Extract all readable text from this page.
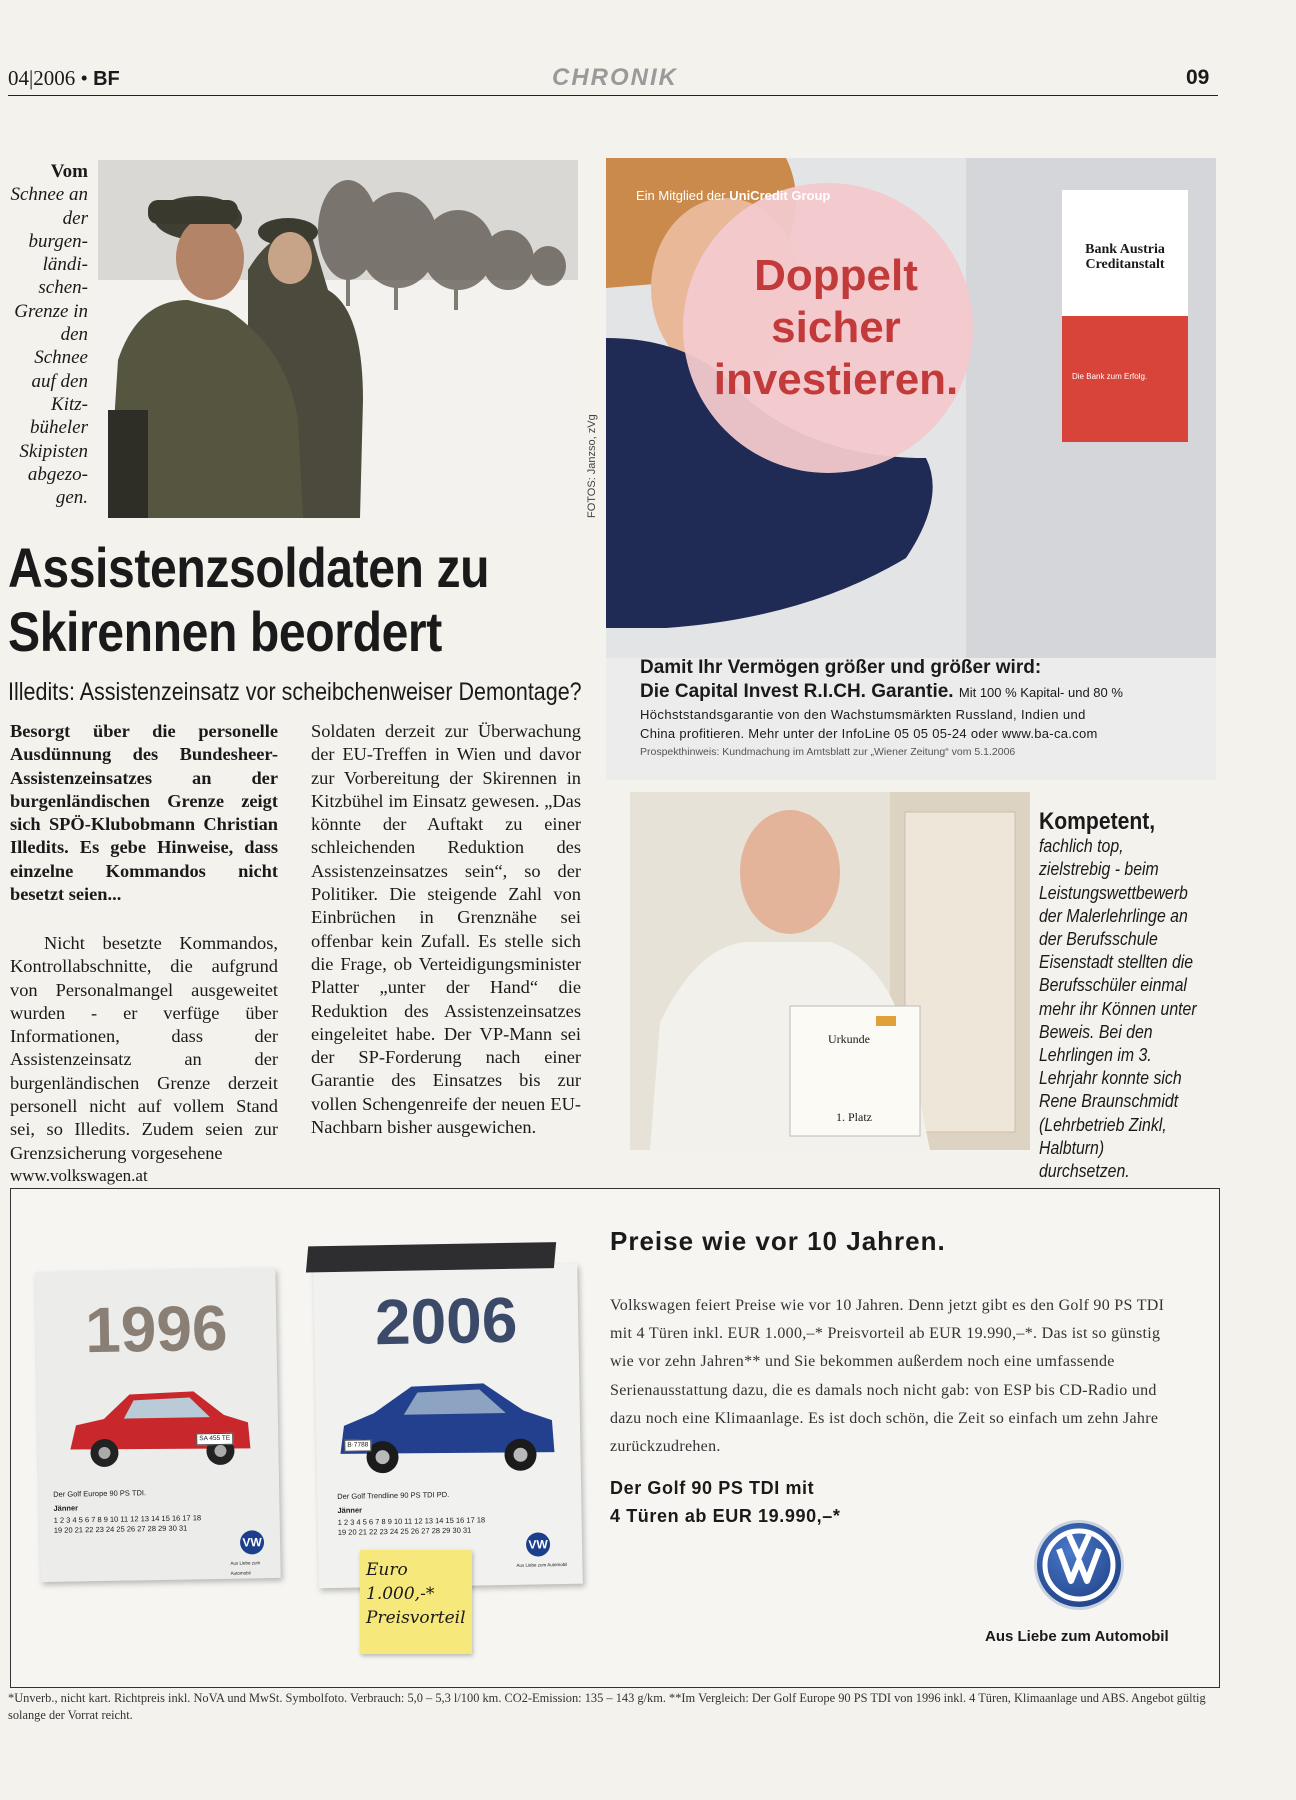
04|2006 • BF	CHRONIK	09
Vom Schnee an der burgen-ländi-schen-Grenze in den Schnee auf den Kitz-büheler Skipisten abgezo-gen.	FOTOS: Janzso, zVg
Assistenzsoldaten zu
Skirennen beordert
Illedits: Assistenzeinsatz vor scheibchenweiser Demontage?
Besorgt über die personelle Ausdünnung des Bundesheer-Assistenzeinsatzes an der burgenländischen Grenze zeigt sich SPÖ-Klubobmann Christian Illedits. Es gebe Hinweise, dass einzelne Kommandos nicht besetzt seien...
Nicht besetzte Kommandos, Kontrollabschnitte, die aufgrund von Personalmangel ausgeweitet wurden - er verfüge über Informationen, dass der Assistenzeinsatz an der burgenländischen Grenze derzeit personell nicht auf vollem Stand sei, so Illedits. Zudem seien zur Grenzsicherung vorgesehene
Soldaten derzeit zur Überwachung der EU-Treffen in Wien und davor zur Vorbereitung der Skirennen in Kitzbühel im Einsatz gewesen. „Das könnte der Auftakt zu einer schleichenden Reduktion des Assistenzeinsatzes sein“, so der Politiker. Die steigende Zahl von Einbrüchen in Grenznähe sei offenbar kein Zufall. Es stelle sich die Frage, ob Verteidigungsminister Platter „unter der Hand“ die Reduktion des Assistenzeinsatzes eingeleitet habe. Der VP-Mann sei der SP-Forderung nach einer Garantie des Einsatzes bis zur vollen Schengenreife der neuen EU-Nachbarn bisher ausgewichen.
Ein Mitglied der UniCredit Group
Doppelt
sicher
investieren.
Bank Austria
Creditanstalt
Die Bank zum Erfolg.
Damit Ihr Vermögen größer und größer wird:
Die Capital Invest R.I.CH. Garantie. Mit 100 % Kapital- und 80 %
Höchststandsgarantie von den Wachstumsmärkten Russland, Indien und
China profitieren. Mehr unter der InfoLine 05 05 05-24 oder www.ba-ca.com
Prospekthinweis: Kundmachung im Amtsblatt zur „Wiener Zeitung“ vom 5.1.2006
Urkunde
1. Platz
Kompetent, fachlich top, zielstrebig - beim Leistungswettbewerb der Malerlehrlinge an der Berufsschule Eisenstadt stellten die Berufsschüler einmal mehr ihr Können unter Beweis. Bei den Lehrlingen im 3. Lehrjahr konnte sich Rene Braunschmidt (Lehrbetrieb Zinkl, Halbturn) durchsetzen.
www.volkswagen.at
1996
SA 455 TE
Der Golf Europe 90 PS TDI.
Jänner
1 2 3 4 5 6 7 8 9 10 11 12 13 14 15 16 17 18
19 20 21 22 23 24 25 26 27 28 29 30 31
VW
Aus Liebe zum Automobil
2006
B·7788
Der Golf Trendline 90 PS TDI PD.
Jänner
1 2 3 4 5 6 7 8 9 10 11 12 13 14 15 16 17 18
19 20 21 22 23 24 25 26 27 28 29 30 31
VW
Aus Liebe zum Automobil
Euro
1.000,-*
Preisvorteil
Preise wie vor 10 Jahren.
Volkswagen feiert Preise wie vor 10 Jahren. Denn jetzt gibt es den Golf 90 PS TDI mit 4 Türen inkl. EUR 1.000,–* Preisvorteil ab EUR 19.990,–*. Das ist so günstig wie vor zehn Jahren** und Sie bekommen außerdem noch eine umfassende Serienausstattung dazu, die es damals noch nicht gab: von ESP bis CD-Radio und dazu noch eine Klimaanlage. Es ist doch schön, die Zeit so einfach um zehn Jahre zurückzudrehen.
Der Golf 90 PS TDI mit
4 Türen ab EUR 19.990,–*
Aus Liebe zum Automobil
*Unverb., nicht kart. Richtpreis inkl. NoVA und MwSt. Symbolfoto. Verbrauch: 5,0 – 5,3 l/100 km. CO2-Emission: 135 – 143 g/km. **Im Vergleich: Der Golf Europe 90 PS TDI von 1996 inkl. 4 Türen, Klimaanlage und ABS. Angebot gültig solange der Vorrat reicht.
